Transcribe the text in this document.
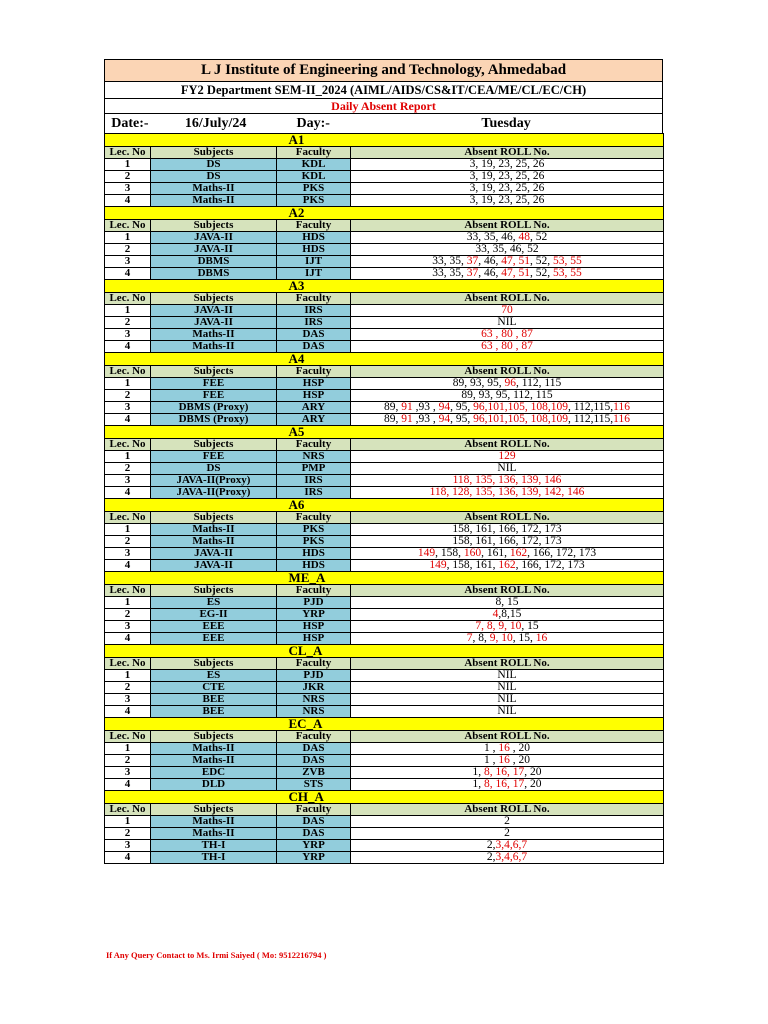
L J Institute of Engineering and Technology, Ahmedabad
FY2 Department SEM-II_2024 (AIML/AIDS/CS&IT/CEA/ME/CL/EC/CH)
Daily Absent Report
Date:-	16/July/24	Day:-	Tuesday
		A1	
Lec. No	Subjects	Faculty	Absent ROLL No.
1	DS	KDL	3, 19, 23, 25, 26
2	DS	KDL	3, 19, 23, 25, 26
3	Maths-II	PKS	3, 19, 23, 25, 26
4	Maths-II	PKS	3, 19, 23, 25, 26
		A2	
Lec. No	Subjects	Faculty	Absent ROLL No.
1	JAVA-II	HDS	33, 35, 46, 48, 52
2	JAVA-II	HDS	33, 35, 46, 52
3	DBMS	IJT	33, 35, 37, 46, 47, 51, 52, 53, 55
4	DBMS	IJT	33, 35, 37, 46, 47, 51, 52, 53, 55
		A3	
Lec. No	Subjects	Faculty	Absent ROLL No.
1	JAVA-II	IRS	70
2	JAVA-II	IRS	NIL
3	Maths-II	DAS	63 , 80 , 87
4	Maths-II	DAS	63 , 80 , 87
		A4	
Lec. No	Subjects	Faculty	Absent ROLL No.
1	FEE	HSP	89, 93, 95, 96, 112, 115
2	FEE	HSP	89, 93, 95, 112, 115
3	DBMS (Proxy)	ARY	89, 91 ,93 , 94, 95, 96,101,105, 108,109, 112,115,116
4	DBMS (Proxy)	ARY	89, 91 ,93 , 94, 95, 96,101,105, 108,109, 112,115,116
		A5	
Lec. No	Subjects	Faculty	Absent ROLL No.
1	FEE	NRS	129
2	DS	PMP	NIL
3	JAVA-II(Proxy)	IRS	118, 135, 136, 139, 146
4	JAVA-II(Proxy)	IRS	118, 128, 135, 136, 139, 142, 146
		A6	
Lec. No	Subjects	Faculty	Absent ROLL No.
1	Maths-II	PKS	158, 161, 166, 172, 173
2	Maths-II	PKS	158, 161, 166, 172, 173
3	JAVA-II	HDS	149, 158, 160, 161, 162, 166, 172, 173
4	JAVA-II	HDS	149, 158, 161, 162, 166, 172, 173
		ME_A	
Lec. No	Subjects	Faculty	Absent ROLL No.
1	ES	PJD	8, 15
2	EG-II	YRP	4,8,15
3	EEE	HSP	7, 8, 9, 10, 15
4	EEE	HSP	7, 8, 9, 10, 15, 16
		CL_A	
Lec. No	Subjects	Faculty	Absent ROLL No.
1	ES	PJD	NIL
2	CTE	JKR	NIL
3	BEE	NRS	NIL
4	BEE	NRS	NIL
		EC_A	
Lec. No	Subjects	Faculty	Absent ROLL No.
1	Maths-II	DAS	1 , 16 , 20
2	Maths-II	DAS	1 , 16 , 20
3	EDC	ZVB	1, 8, 16, 17, 20
4	DLD	STS	1, 8, 16, 17, 20
		CH_A	
Lec. No	Subjects	Faculty	Absent ROLL No.
1	Maths-II	DAS	2
2	Maths-II	DAS	2
3	TH-I	YRP	2,3,4,6,7
4	TH-I	YRP	2,3,4,6,7
If Any Query Contact to Ms. Irmi Saiyed ( Mo: 9512216794 )
